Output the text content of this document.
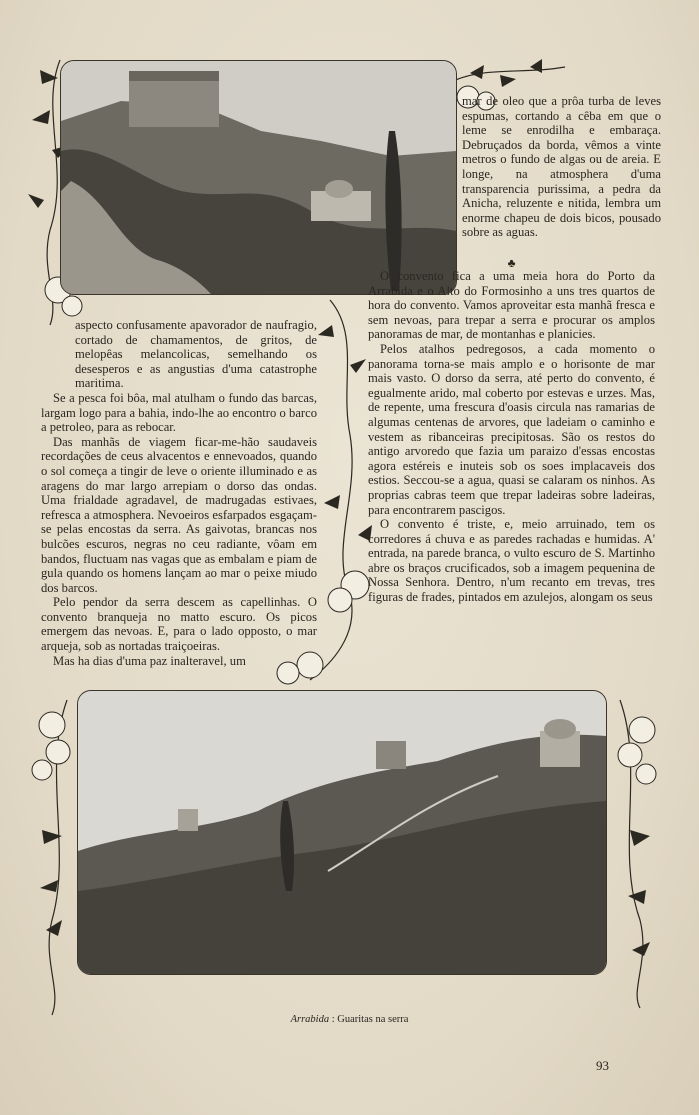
mar de oleo que a prôa turba de leves espumas, cortando a cêba em que o leme se enrodilha e embaraça. Debruçados da borda, vêmos a vinte metros o fundo de algas ou de areia. E longe, na atmosphera d'uma transparencia purissima, a pedra da Anicha, reluzente e nitida, lembra um enorme chapeu de dois bicos, pousado sobre as aguas.

aspecto confusamente apavorador de naufragio, cortado de chamamentos, de gritos, de melopêas melancolicas, semelhando os desesperos e as angustias d'uma catastrophe maritima.

Se a pesca foi bôa, mal atulham o fundo das barcas, largam logo para a bahia, indo-lhe ao encontro o barco a petroleo, para as rebocar.

Das manhãs de viagem ficar-me-hão saudaveis recordações de ceus alvacentos e ennevoados, quando o sol começa a tingir de leve o oriente illuminado e as aragens do mar largo arrepiam o dorso das ondas. Uma frialdade agradavel, de madrugadas estivaes, refresca a atmosphera. Nevoeiros esfarpados esgaçam-se pelas encostas da serra. As gaivotas, brancas nos bulcões escuros, negras no ceu radiante, vôam em bandos, fluctuam nas vagas que as embalam e piam de gula quando os homens lançam ao mar o peixe miudo dos barcos.

Pelo pendor da serra descem as capellinhas. O convento branqueja no matto escuro. Os picos emergem das nevoas. E, para o lado opposto, o mar arqueja, sob as nortadas traiçoeiras.

Mas ha dias d'uma paz inalteravel, um

♣

O convento fica a uma meia hora do Porto da Arrabida e o Alto do Formosinho a uns tres quartos de hora do convento. Vamos aproveitar esta manhã fresca e sem nevoas, para trepar a serra e procurar os amplos panoramas de mar, de montanhas e planicies.

Pelos atalhos pedregosos, a cada momento o panorama torna-se mais amplo e o horisonte de mar mais vasto. O dorso da serra, até perto do convento, é egualmente arido, mal coberto por estevas e urzes. Mas, de repente, uma frescura d'oasis circula nas ramarias de algumas centenas de arvores, que ladeiam o caminho e vestem as ribanceiras precipitosas. São os restos do antigo arvoredo que fazia um paraizo d'essas encostas agora estéreis e inuteis sob os soes implacaveis dos estios. Seccou-se a agua, quasi se calaram os ninhos. As proprias cabras teem que trepar ladeiras sobre ladeiras, para encontrarem pascigos.

O convento é triste, e, meio arruinado, tem os corredores á chuva e as paredes rachadas e humidas. A' entrada, na parede branca, o vulto escuro de S. Martinho abre os braços crucificados, sob a imagem pequenina de Nossa Senhora. Dentro, n'um recanto em trevas, tres figuras de frades, pintados em azulejos, alongam os seus

Arrabida : Guaritas na serra
93
